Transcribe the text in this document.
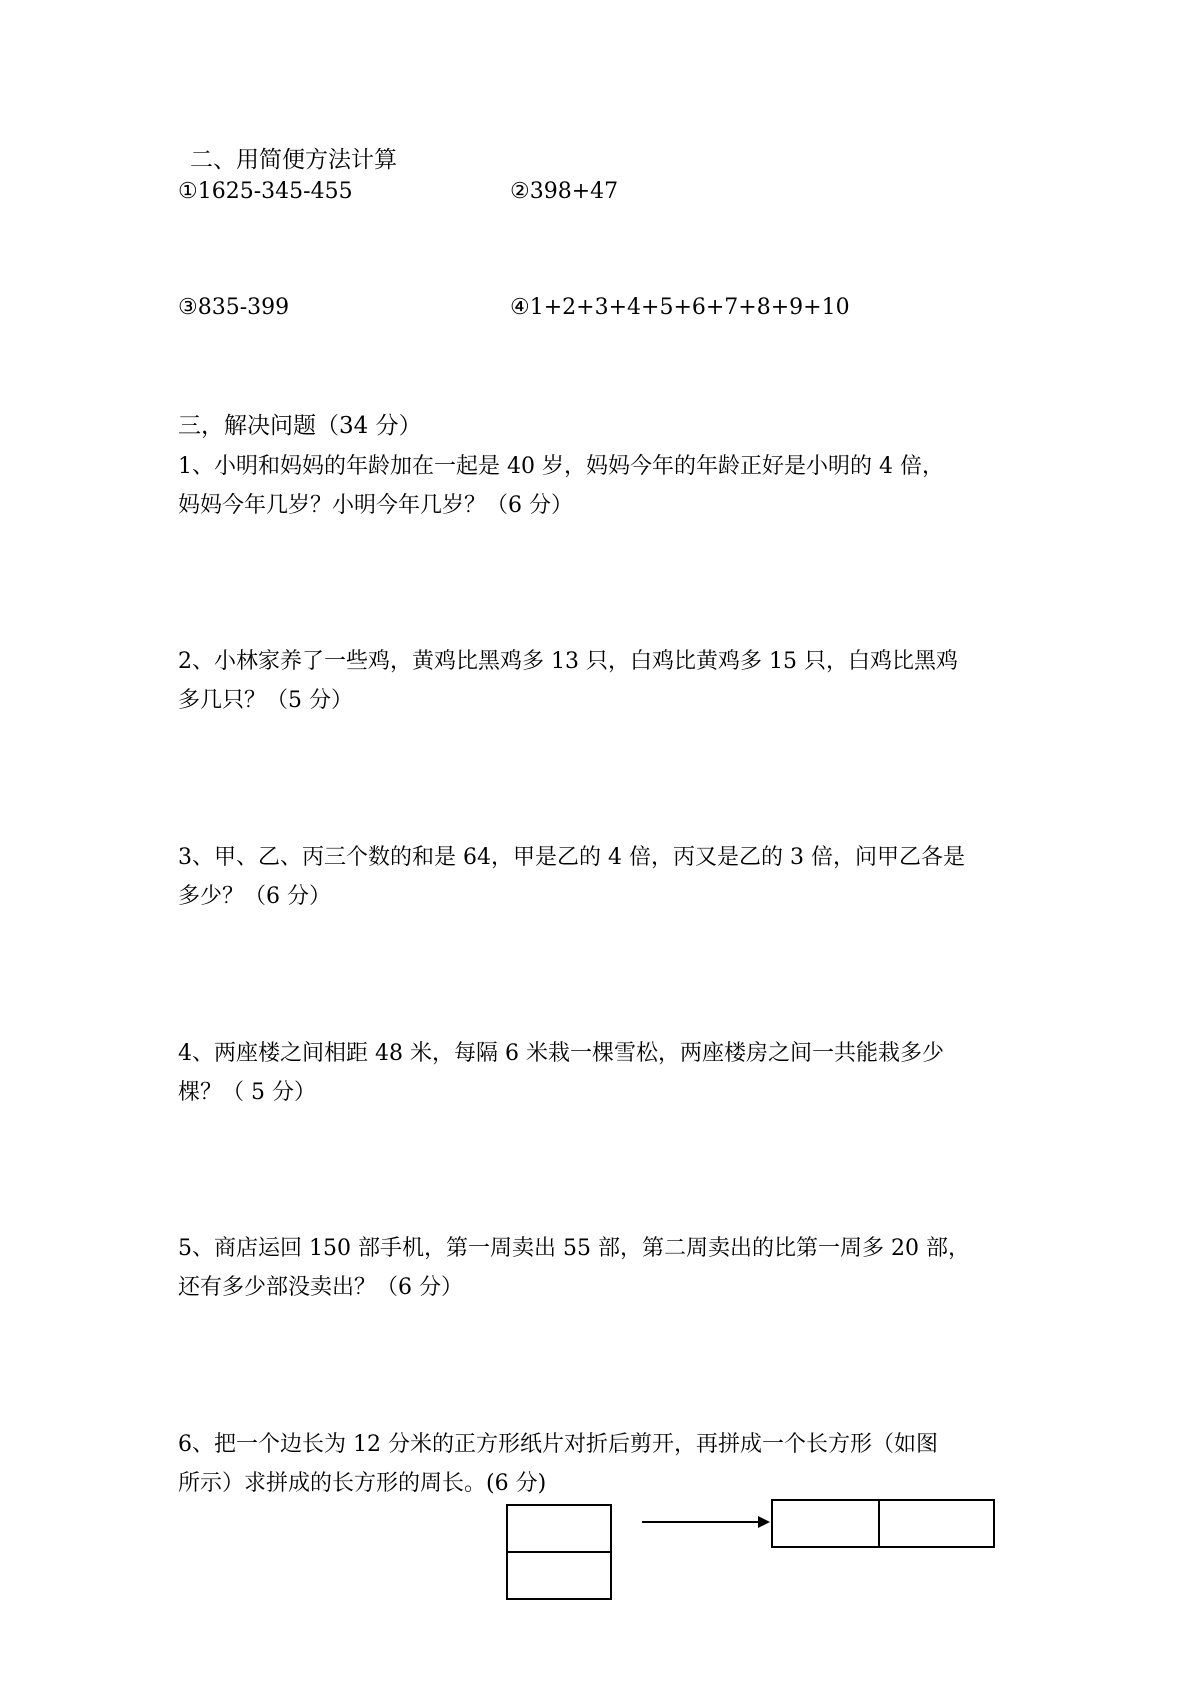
二、用简便方法计算
①1625-345-455	②398+47
③835-399	④1+2+3+4+5+6+7+8+9+10
三，解决问题（34 分）
1、小明和妈妈的年龄加在一起是 40 岁，妈妈今年的年龄正好是小明的 4 倍，
妈妈今年几岁？小明今年几岁？（6 分）
2、小林家养了一些鸡，黄鸡比黑鸡多 13 只，白鸡比黄鸡多 15 只，白鸡比黑鸡
多几只？（5 分）
3、甲、乙、丙三个数的和是 64，甲是乙的 4 倍，丙又是乙的 3 倍，问甲乙各是
多少？（6 分）
4、两座楼之间相距 48 米，每隔 6 米栽一棵雪松，两座楼房之间一共能栽多少
棵？（ 5 分）
5、商店运回 150 部手机，第一周卖出 55 部，第二周卖出的比第一周多 20 部，
还有多少部没卖出？（6 分）
6、把一个边长为 12 分米的正方形纸片对折后剪开，再拼成一个长方形（如图
所示）求拼成的长方形的周长。(6 分)
